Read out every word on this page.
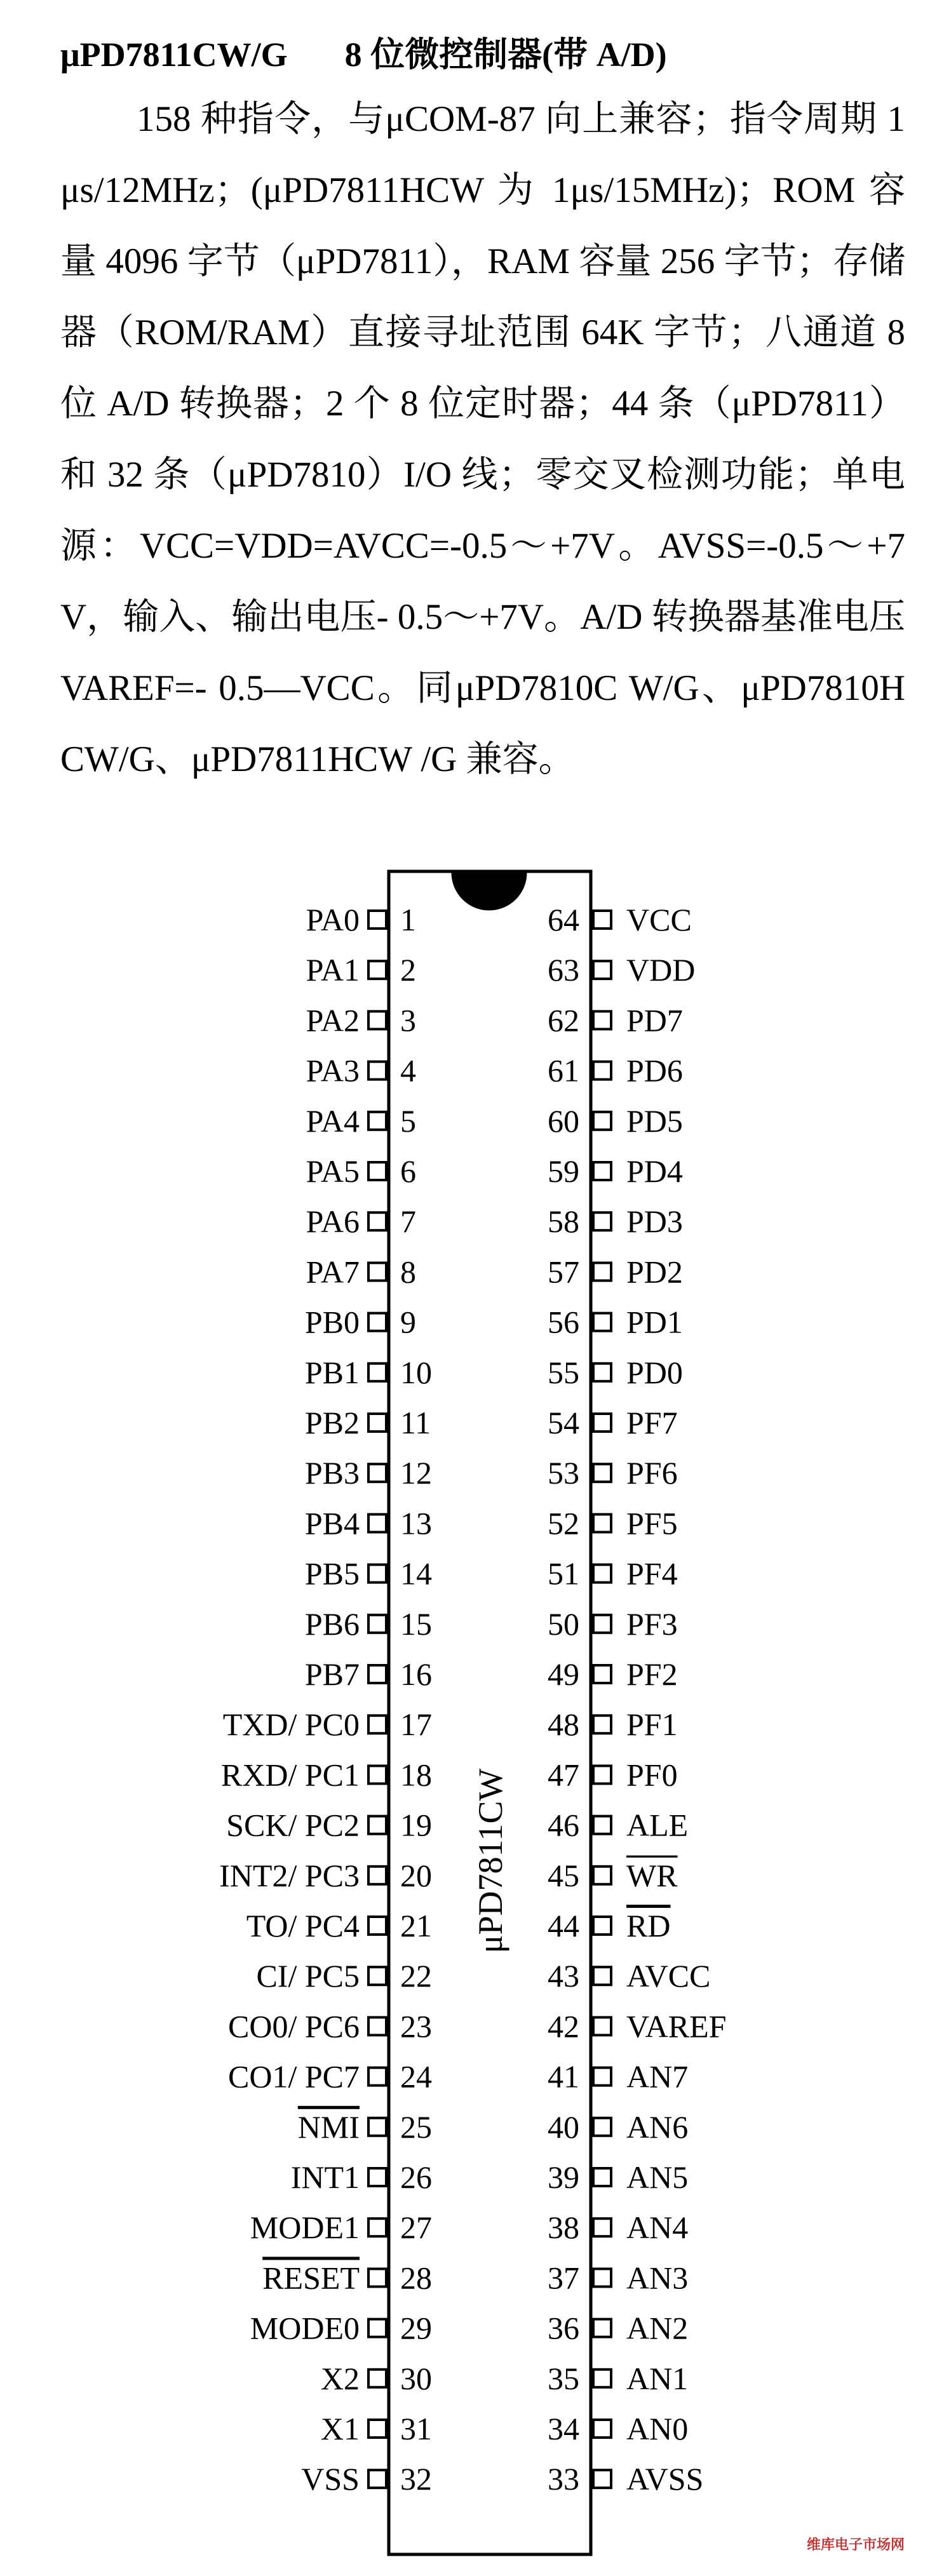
μPD7811CW/G 8 位微控制器(带 A/D)

158 种指令，与μCOM-87 向上兼容；指令周期 1μs/12MHz；(μPD7811HCW 为 1μs/15MHz)；ROM 容量 4096 字节（μPD7811），RAM 容量 256 字节；存储器（ROM/RAM）直接寻址范围 64K 字节；八通道 8 位 A/D 转换器；2 个 8 位定时器；44 条（μPD7811）和 32 条（μPD7810）I/O 线；零交叉检测功能；单电源：VCC=VDD=AVCC=-0.5～+7V。AVSS=-0.5～+7V，输入、输出电压- 0.5～+7V。A/D 转换器基准电压 VAREF=- 0.5—VCC。同μPD7810C W/G、μPD7810HCW/G、μPD7811HCW /G 兼容。

μPD7811CW
1
PA0
2
PA1
3
PA2
4
PA3
5
PA4
6
PA5
7
PA6
8
PA7
9
PB0
10
PB1
11
PB2
12
PB3
13
PB4
14
PB5
15
PB6
16
PB7
17
TXD/ PC0
18
RXD/ PC1
19
SCK/ PC2
20
INT2/ PC3
21
TO/ PC4
22
CI/ PC5
23
CO0/ PC6
24
CO1/ PC7
25
NMI
26
INT1
27
MODE1
28
RESET
29
MODE0
30
X2
31
X1
32
VSS
64 VCC
63 VDD
62 PD7
61 PD6
60 PD5
59 PD4
58 PD3
57 PD2
56 PD1
55 PD0
54 PF7
53 PF6
52 PF5
51 PF4
50 PF3
49 PF2
48 PF1
47 PF0
46 ALE
45 WR
44 RD
43 AVCC
42 VAREF
41 AN7
40 AN6
39 AN5
38 AN4
37 AN3
36 AN2
35 AN1
34 AN0
33 AVSS
维库电子市场网
